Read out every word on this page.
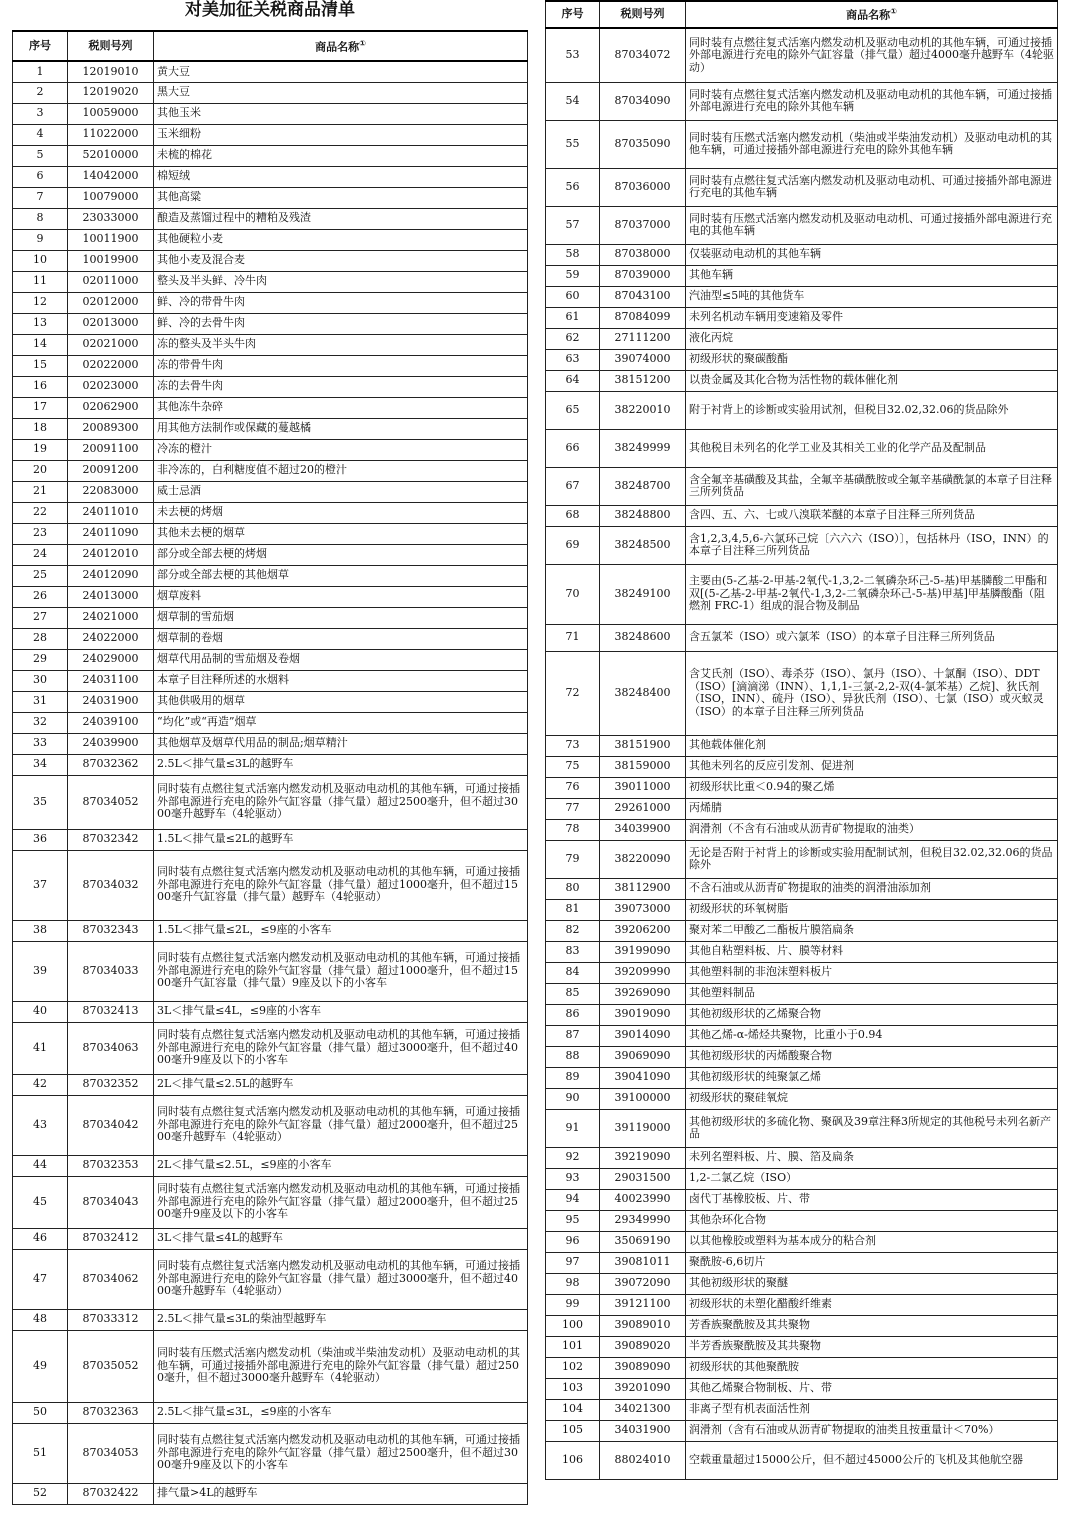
对美加征关税商品清单
序号	税则号列	商品名称①
1	12019010	黄大豆
2	12019020	黑大豆
3	10059000	其他玉米
4	11022000	玉米细粉
5	52010000	未梳的棉花
6	14042000	棉短绒
7	10079000	其他高粱
8	23033000	酿造及蒸馏过程中的糟粕及残渣
9	10011900	其他硬粒小麦
10	10019900	其他小麦及混合麦
11	02011000	整头及半头鲜、冷牛肉
12	02012000	鲜、冷的带骨牛肉
13	02013000	鲜、冷的去骨牛肉
14	02021000	冻的整头及半头牛肉
15	02022000	冻的带骨牛肉
16	02023000	冻的去骨牛肉
17	02062900	其他冻牛杂碎
18	20089300	用其他方法制作或保藏的蔓越橘
19	20091100	冷冻的橙汁
20	20091200	非冷冻的，白利糖度值不超过20的橙汁
21	22083000	威士忌酒
22	24011010	未去梗的烤烟
23	24011090	其他未去梗的烟草
24	24012010	部分或全部去梗的烤烟
25	24012090	部分或全部去梗的其他烟草
26	24013000	烟草废料
27	24021000	烟草制的雪茄烟
28	24022000	烟草制的卷烟
29	24029000	烟草代用品制的雪茄烟及卷烟
30	24031100	本章子目注释所述的水烟料
31	24031900	其他供吸用的烟草
32	24039100	“均化”或“再造”烟草
33	24039900	其他烟草及烟草代用品的制品;烟草精汁
34	87032362	2.5L＜排气量≤3L的越野车
35	87034052	同时装有点燃往复式活塞内燃发动机及驱动电动机的其他车辆，可通过接插外部电源进行充电的除外气缸容量（排气量）超过2500毫升，但不超过3000毫升越野车（4轮驱动）
36	87032342	1.5L＜排气量≤2L的越野车
37	87034032	同时装有点燃往复式活塞内燃发动机及驱动电动机的其他车辆，可通过接插外部电源进行充电的除外气缸容量（排气量）超过1000毫升，但不超过1500毫升气缸容量（排气量）越野车（4轮驱动）
38	87032343	1.5L＜排气量≤2L，≤9座的小客车
39	87034033	同时装有点燃往复式活塞内燃发动机及驱动电动机的其他车辆，可通过接插外部电源进行充电的除外气缸容量（排气量）超过1000毫升，但不超过1500毫升气缸容量（排气量）9座及以下的小客车
40	87032413	3L＜排气量≤4L，≤9座的小客车
41	87034063	同时装有点燃往复式活塞内燃发动机及驱动电动机的其他车辆，可通过接插外部电源进行充电的除外气缸容量（排气量）超过3000毫升，但不超过4000毫升9座及以下的小客车
42	87032352	2L＜排气量≤2.5L的越野车
43	87034042	同时装有点燃往复式活塞内燃发动机及驱动电动机的其他车辆，可通过接插外部电源进行充电的除外气缸容量（排气量）超过2000毫升，但不超过2500毫升越野车（4轮驱动）
44	87032353	2L＜排气量≤2.5L，≤9座的小客车
45	87034043	同时装有点燃往复式活塞内燃发动机及驱动电动机的其他车辆，可通过接插外部电源进行充电的除外气缸容量（排气量）超过2000毫升，但不超过2500毫升9座及以下的小客车
46	87032412	3L＜排气量≤4L的越野车
47	87034062	同时装有点燃往复式活塞内燃发动机及驱动电动机的其他车辆，可通过接插外部电源进行充电的除外气缸容量（排气量）超过3000毫升，但不超过4000毫升越野车（4轮驱动）
48	87033312	2.5L＜排气量≤3L的柴油型越野车
49	87035052	同时装有压燃式活塞内燃发动机（柴油或半柴油发动机）及驱动电动机的其他车辆，可通过接插外部电源进行充电的除外气缸容量（排气量）超过2500毫升，但不超过3000毫升越野车（4轮驱动）
50	87032363	2.5L＜排气量≤3L，≤9座的小客车
51	87034053	同时装有点燃往复式活塞内燃发动机及驱动电动机的其他车辆，可通过接插外部电源进行充电的除外气缸容量（排气量）超过2500毫升，但不超过3000毫升9座及以下的小客车
52	87032422	排气量>4L的越野车
序号	税则号列	商品名称①
53	87034072	同时装有点燃往复式活塞内燃发动机及驱动电动机的其他车辆，可通过接插外部电源进行充电的除外气缸容量（排气量）超过4000毫升越野车（4轮驱动）
54	87034090	同时装有点燃往复式活塞内燃发动机及驱动电动机的其他车辆，可通过接插外部电源进行充电的除外其他车辆
55	87035090	同时装有压燃式活塞内燃发动机（柴油或半柴油发动机）及驱动电动机的其他车辆，可通过接插外部电源进行充电的除外其他车辆
56	87036000	同时装有点燃往复式活塞内燃发动机及驱动电动机、可通过接插外部电源进行充电的其他车辆
57	87037000	同时装有压燃式活塞内燃发动机及驱动电动机、可通过接插外部电源进行充电的其他车辆
58	87038000	仅装驱动电动机的其他车辆
59	87039000	其他车辆
60	87043100	汽油型≤5吨的其他货车
61	87084099	未列名机动车辆用变速箱及零件
62	27111200	液化丙烷
63	39074000	初级形状的聚碳酸酯
64	38151200	以贵金属及其化合物为活性物的载体催化剂
65	38220010	附于衬背上的诊断或实验用试剂，但税目32.02,32.06的货品除外
66	38249999	其他税目未列名的化学工业及其相关工业的化学产品及配制品
67	38248700	含全氟辛基磺酸及其盐，全氟辛基磺酰胺或全氟辛基磺酰氯的本章子目注释三所列货品
68	38248800	含四、五、六、七或八溴联苯醚的本章子目注释三所列货品
69	38248500	含1,2,3,4,5,6-六氯环己烷〔六六六（ISO）〕，包括林丹（ISO，INN）的本章子目注释三所列货品
70	38249100	主要由(5-乙基-2-甲基-2氧代-1,3,2-二氧磷杂环己-5-基)甲基膦酸二甲酯和双[(5-乙基-2-甲基-2氧代-1,3,2-二氧磷杂环己-5-基)甲基]甲基膦酸酯（阻燃剂 FRC-1）组成的混合物及制品
71	38248600	含五氯苯（ISO）或六氯苯（ISO）的本章子目注释三所列货品
72	38248400	含艾氏剂（ISO）、毒杀芬（ISO）、氯丹（ISO）、十氯酮（ISO）、DDT（ISO）[滴滴涕（INN）、1,1,1-三氯-2,2-双(4-氯苯基）乙烷]、狄氏剂（ISO，INN）、硫丹（ISO）、异狄氏剂（ISO）、七氯（ISO）或灭蚁灵（ISO）的本章子目注释三所列货品
73	38151900	其他载体催化剂
75	38159000	其他未列名的反应引发剂、促进剂
76	39011000	初级形状比重＜0.94的聚乙烯
77	29261000	丙烯腈
78	34039900	润滑剂（不含有石油或从沥青矿物提取的油类）
79	38220090	无论是否附于衬背上的诊断或实验用配制试剂，但税目32.02,32.06的货品除外
80	38112900	不含石油或从沥青矿物提取的油类的润滑油添加剂
81	39073000	初级形状的环氧树脂
82	39206200	聚对苯二甲酸乙二酯板片膜箔扁条
83	39199090	其他自粘塑料板、片、膜等材料
84	39209990	其他塑料制的非泡沫塑料板片
85	39269090	其他塑料制品
86	39019090	其他初级形状的乙烯聚合物
87	39014090	其他乙烯-α-烯烃共聚物，比重小于0.94
88	39069090	其他初级形状的丙烯酸聚合物
89	39041090	其他初级形状的纯聚氯乙烯
90	39100000	初级形状的聚硅氧烷
91	39119000	其他初级形状的多硫化物、聚砜及39章注释3所规定的其他税号未列名新产品
92	39219090	未列名塑料板、片、膜、箔及扁条
93	29031500	1,2-二氯乙烷（ISO）
94	40023990	卤代丁基橡胶板、片、带
95	29349990	其他杂环化合物
96	35069190	以其他橡胶或塑料为基本成分的粘合剂
97	39081011	聚酰胺-6,6切片
98	39072090	其他初级形状的聚醚
99	39121100	初级形状的未塑化醋酸纤维素
100	39089010	芳香族聚酰胺及其共聚物
101	39089020	半芳香族聚酰胺及其共聚物
102	39089090	初级形状的其他聚酰胺
103	39201090	其他乙烯聚合物制板、片、带
104	34021300	非离子型有机表面活性剂
105	34031900	润滑剂（含有石油或从沥青矿物提取的油类且按重量计＜70%）
106	88024010	空载重量超过15000公斤，但不超过45000公斤的飞机及其他航空器
